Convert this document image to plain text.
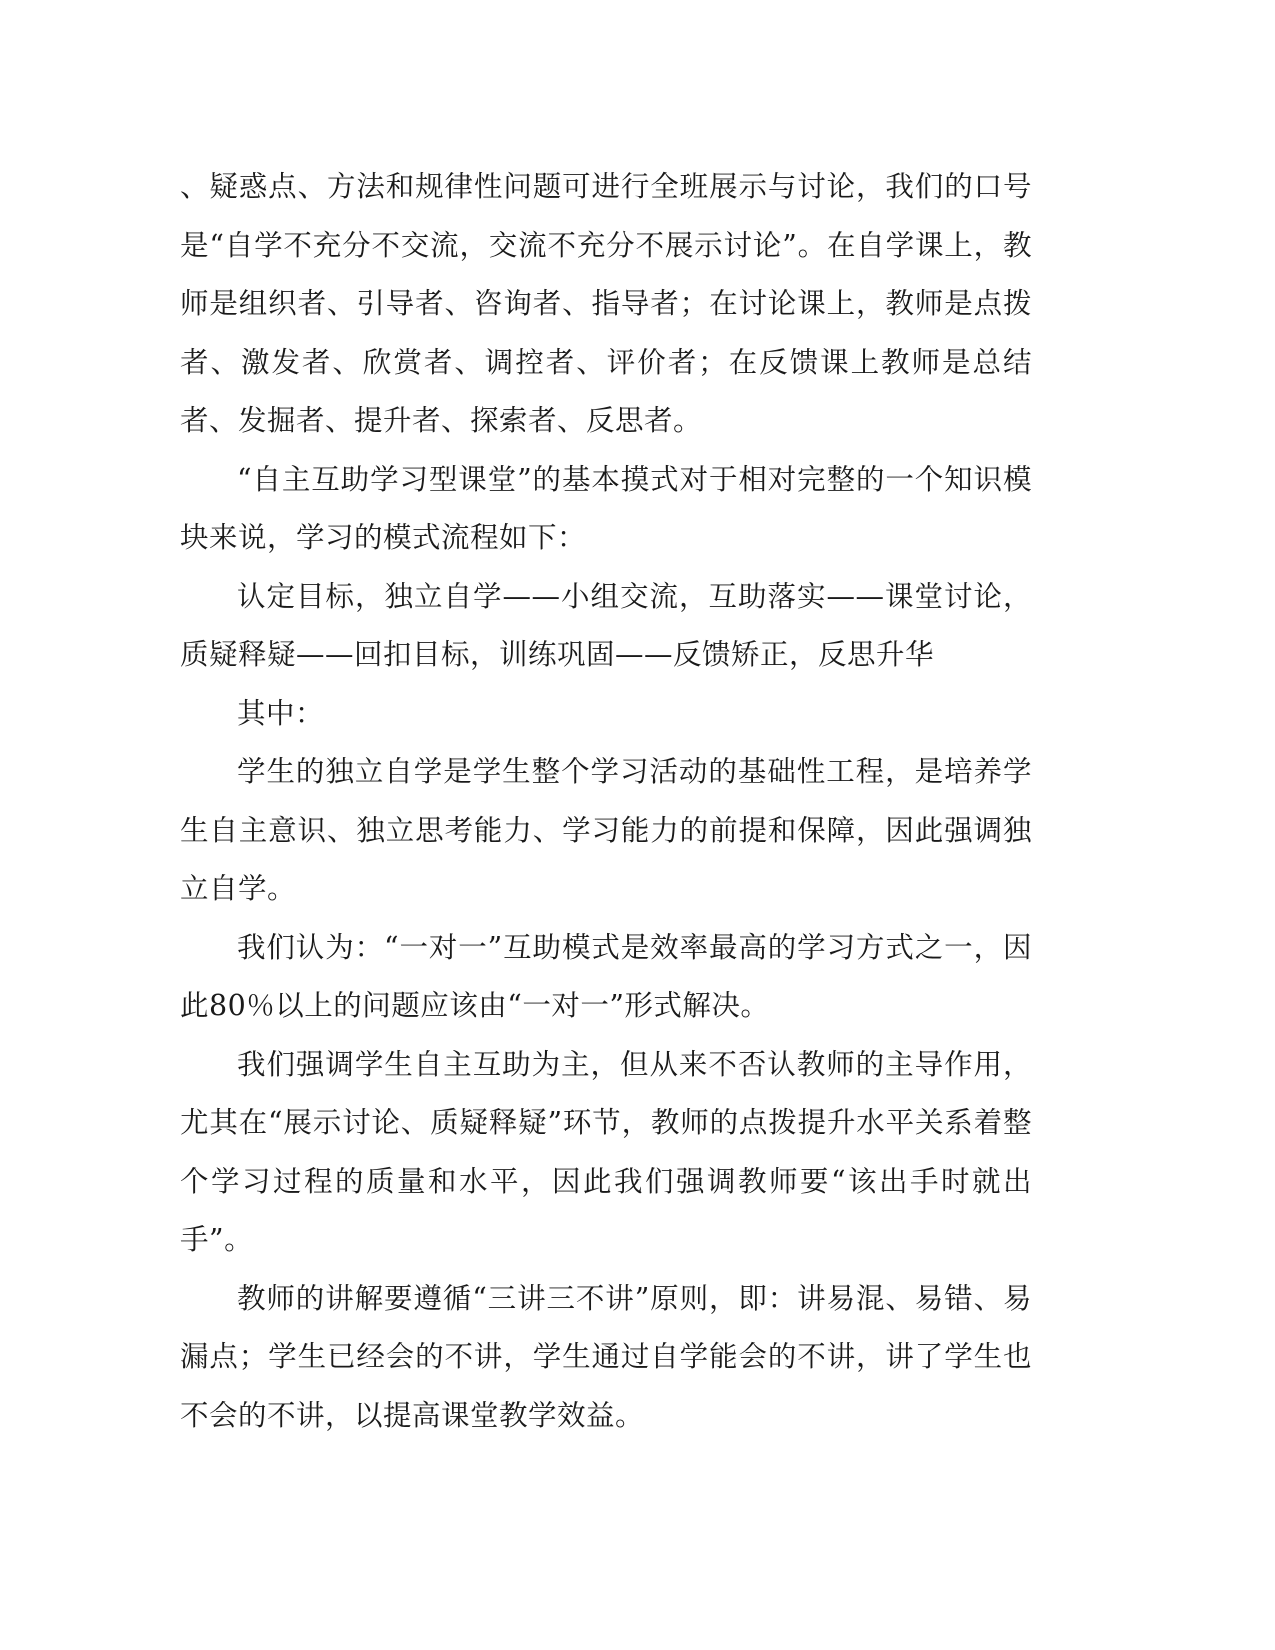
、疑惑点、方法和规律性问题可进行全班展示与讨论，我们的口号是“自学不充分不交流，交流不充分不展示讨论”。在自学课上，教师是组织者、引导者、咨询者、指导者；在讨论课上，教师是点拨者、激发者、欣赏者、调控者、评价者；在反馈课上教师是总结者、发掘者、提升者、探索者、反思者。

“自主互助学习型课堂”的基本摸式对于相对完整的一个知识模块来说，学习的模式流程如下：

认定目标，独立自学——小组交流，互助落实——课堂讨论，质疑释疑——回扣目标，训练巩固——反馈矫正，反思升华

其中：

学生的独立自学是学生整个学习活动的基础性工程，是培养学生自主意识、独立思考能力、学习能力的前提和保障，因此强调独立自学。

我们认为：“一对一”互助模式是效率最高的学习方式之一，因此80％以上的问题应该由“一对一”形式解决。

我们强调学生自主互助为主，但从来不否认教师的主导作用，尤其在“展示讨论、质疑释疑”环节，教师的点拨提升水平关系着整个学习过程的质量和水平，因此我们强调教师要“该出手时就出手”。

教师的讲解要遵循“三讲三不讲”原则，即：讲易混、易错、易漏点；学生已经会的不讲，学生通过自学能会的不讲，讲了学生也不会的不讲，以提高课堂教学效益。
